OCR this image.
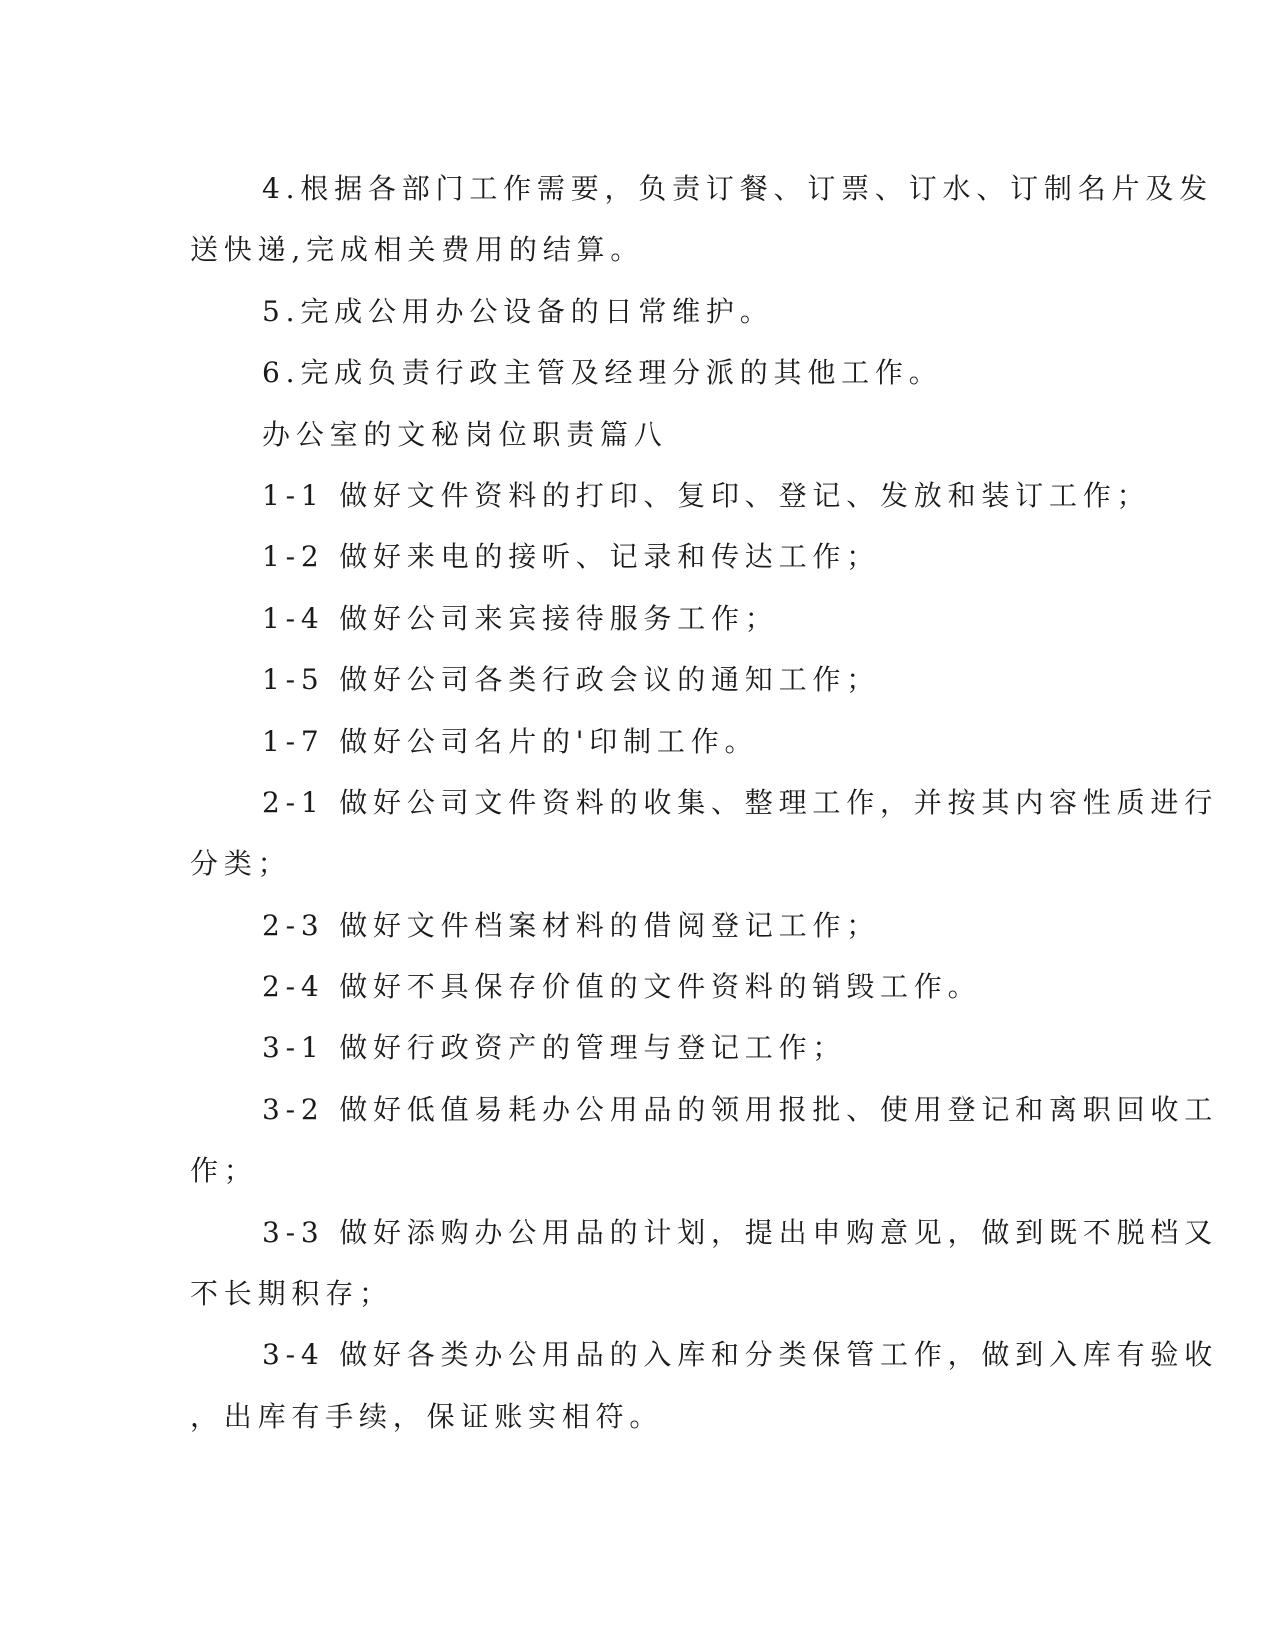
4.根据各部门工作需要，负责订餐、订票、订水、订制名片及发
送快递,完成相关费用的结算。
5.完成公用办公设备的日常维护。
6.完成负责行政主管及经理分派的其他工作。
办公室的文秘岗位职责篇八
1-1 做好文件资料的打印、复印、登记、发放和装订工作；
1-2 做好来电的接听、记录和传达工作；
1-4 做好公司来宾接待服务工作；
1-5 做好公司各类行政会议的通知工作；
1-7 做好公司名片的'印制工作。
2-1 做好公司文件资料的收集、整理工作，并按其内容性质进行
分类；
2-3 做好文件档案材料的借阅登记工作；
2-4 做好不具保存价值的文件资料的销毁工作。
3-1 做好行政资产的管理与登记工作；
3-2 做好低值易耗办公用品的领用报批、使用登记和离职回收工
作；
3-3 做好添购办公用品的计划，提出申购意见，做到既不脱档又
不长期积存；
3-4 做好各类办公用品的入库和分类保管工作，做到入库有验收
，出库有手续，保证账实相符。
